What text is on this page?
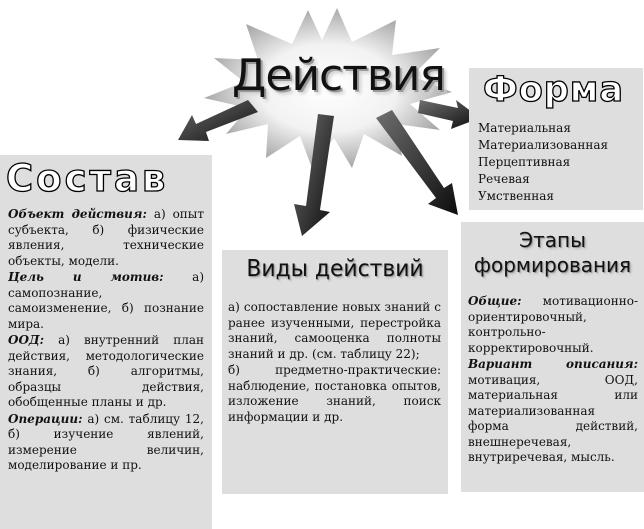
Действия Форма
Материальная
Материализованная
Перцептивная
Речевая
Умственная
Состав

Объект действия: а) опыт субъекта, б) физические явления, технические объекты, модели.

Цель и мотив: а) самопознание, самоизменение, б) познание мира.

ООД: а) внутренний план действия, методологические знания, б) алгоритмы, образцы действия, обобщенные планы и др.

Операции: а) см. таблицу 12, б) изучение явлений, измерение величин, моделирование и пр.

Виды действий

а) сопоставление новых знаний с ранее изученными, перестройка знаний, самооценка полноты знаний и др. (см. таблицу 22);

б) предметно-практические: наблюдение, постановка опытов, изложение знаний, поиск информации и др.

Этапы
формирования

Общие: мотивационно-ориентировочный, контрольно-корректировочный.

Вариант описания: мотивация, ООД, материальная или материализованная форма действий, внешнеречевая, внутриречевая, мысль.
